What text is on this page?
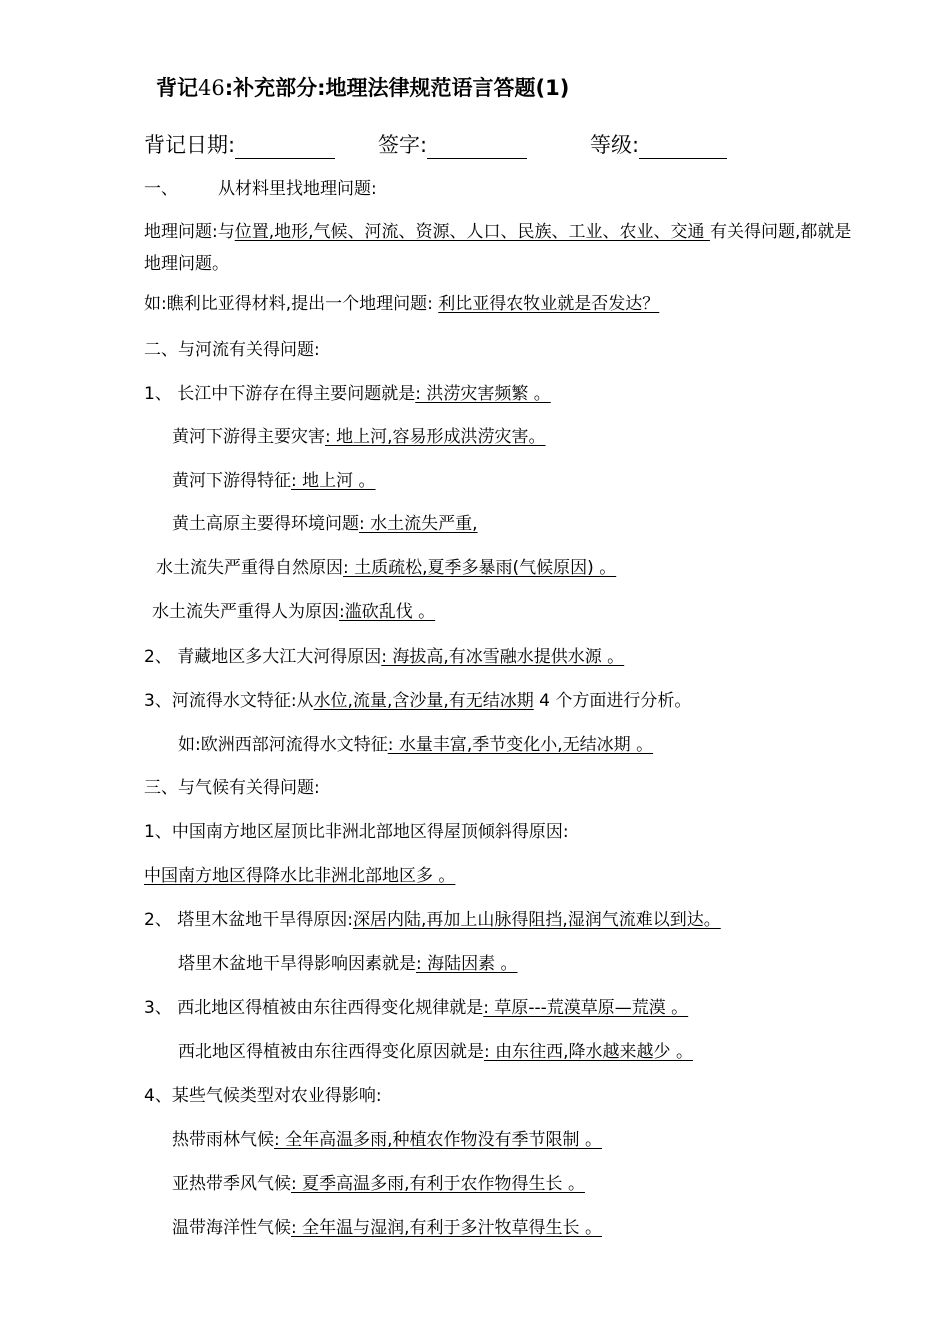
背记46:补充部分:地理法律规范语言答题(1)
背记日期:	签字:	等级:
一、 从材料里找地理问题:
地理问题:与位置,地形,气候、河流、资源、人口、民族、工业、农业、交通 有关得问题,都就是地理问题。
如:瞧利比亚得材料,提出一个地理问题: 利比亚得农牧业就是否发达？
二、与河流有关得问题:
1、 长江中下游存在得主要问题就是: 洪涝灾害频繁 。
黄河下游得主要灾害: 地上河,容易形成洪涝灾害。
黄河下游得特征: 地上河 。
黄土高原主要得环境问题: 水土流失严重,
水土流失严重得自然原因: 土质疏松,夏季多暴雨(气候原因) 。
水土流失严重得人为原因:滥砍乱伐 。
2、 青藏地区多大江大河得原因: 海拔高,有冰雪融水提供水源 。
3、河流得水文特征:从水位,流量,含沙量,有无结冰期 4 个方面进行分析。
如:欧洲西部河流得水文特征: 水量丰富,季节变化小,无结冰期 。
三、与气候有关得问题:
1、中国南方地区屋顶比非洲北部地区得屋顶倾斜得原因:
中国南方地区得降水比非洲北部地区多 。
2、 塔里木盆地干旱得原因:深居内陆,再加上山脉得阻挡,湿润气流难以到达。
塔里木盆地干旱得影响因素就是: 海陆因素 。
3、 西北地区得植被由东往西得变化规律就是: 草原---荒漠草原—荒漠 。
西北地区得植被由东往西得变化原因就是: 由东往西,降水越来越少 。
4、某些气候类型对农业得影响:
热带雨林气候: 全年高温多雨,种植农作物没有季节限制 。
亚热带季风气候: 夏季高温多雨,有利于农作物得生长 。
温带海洋性气候: 全年温与湿润,有利于多汁牧草得生长 。
